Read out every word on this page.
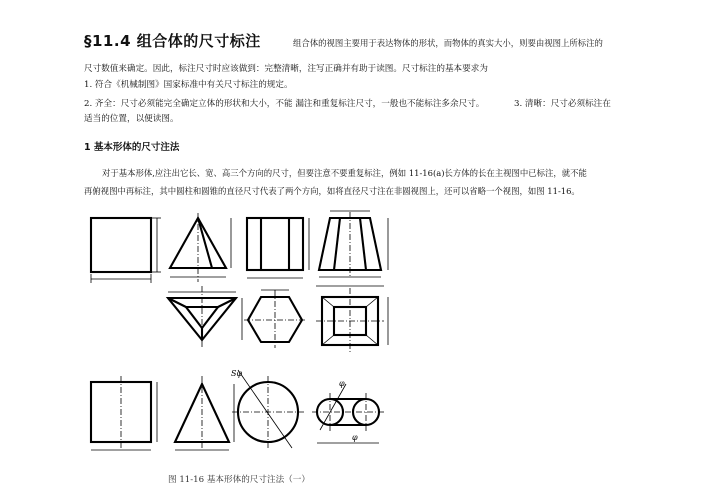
§11.4 组合体的尺寸标注	组合体的视图主要用于表达物体的形状，而物体的真实大小，则要由视图上所标注的
尺寸数值来确定。因此，标注尺寸时应该做到：完整清晰，注写正确并有助于读图。尺寸标注的基本要求为
1. 符合《机械制图》国家标准中有关尺寸标注的规定。
2. 齐全：尺寸必须能完全确定立体的形状和大小，不能 漏注和重复标注尺寸，一般也不能标注多余尺寸。	3. 清晰：尺寸必须标注在
适当的位置，以便读图。
1 基本形体的尺寸注法
对于基本形体,应注出它长、宽、高三个方向的尺寸，但要注意不要重复标注，例如 11-16(a)长方体的长在主视图中已标注，就不能
再俯视图中再标注，其中圆柱和圆锥的直径尺寸代表了两个方向，如将直径尺寸注在非圆视图上，还可以省略一个视图，如图 11-16。
Sφ
φ
φ
图 11-16 基本形体的尺寸注法（一）
